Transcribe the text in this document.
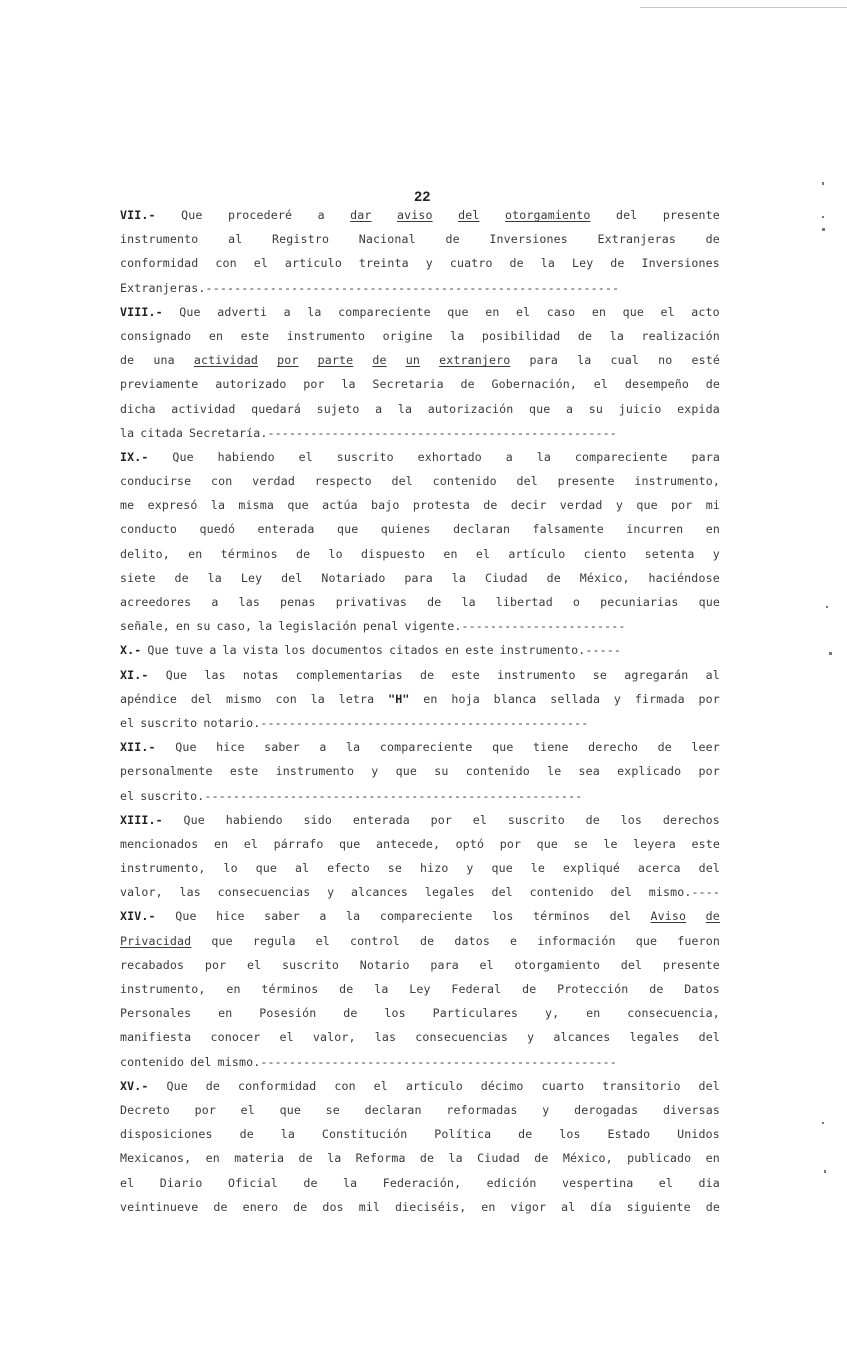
22
VII.- Que procederé a dar aviso del otorgamiento del presente
instrumento	al	Registro	Nacional	de	Inversiones	Extranjeras	de
conformidad con el articulo treinta y cuatro de la Ley de Inversiones
Extranjeras.----------------------------------------------------------
VIII.- Que adverti a la compareciente que en el caso en que el acto
consignado en este instrumento origine la posibilidad de la realización
de una actividad por parte de un extranjero para la cual no esté
previamente autorizado por la Secretaria de Gobernación, el desempeño de
dicha actividad quedará sujeto a la autorización que a su juicio expida
la citada Secretaría.-------------------------------------------------
IX.- Que habiendo el suscrito exhortado a la compareciente para
conducirse con verdad respecto del contenido del presente instrumento,
me expresó la misma que actúa bajo protesta de decir verdad y que por mi
conducto quedó enterada que quienes declaran falsamente incurren en
delito, en términos de lo dispuesto en el artículo ciento setenta y
siete de la Ley del Notariado para la Ciudad de México, haciéndose
acreedores a las penas privativas de la libertad o pecuniarias que
señale, en su caso, la legislación penal vigente.-----------------------
X.- Que tuve a la vista los documentos citados en este instrumento.-----
XI.- Que las notas complementarias de este instrumento se agregarán al
apéndice del mismo con la letra "H" en hoja blanca sellada y firmada por
el suscrito notario.----------------------------------------------
XII.- Que hice saber a la compareciente que tiene derecho de leer
personalmente este instrumento y que su contenido le sea explicado por
el suscrito.-----------------------------------------------------
XIII.- Que habiendo sido enterada por el suscrito de los derechos
mencionados en el párrafo que antecede, optó por que se le leyera este
instrumento, lo que al efecto se hizo y que le expliqué acerca del
valor, las consecuencias y alcances legales del contenido del mismo.----
XIV.- Que hice saber a la compareciente los términos del Aviso de
Privacidad que regula el control de datos e información que fueron
recabados por el suscrito Notario para el otorgamiento del presente
instrumento, en términos de la Ley Federal de Protección de Datos
Personales en Posesión de los Particulares y, en consecuencia,
manifiesta conocer el valor, las consecuencias y alcances legales del
contenido del mismo.--------------------------------------------------
XV.- Que de conformidad con el articulo décimo cuarto transitorio del
Decreto por el que se declaran reformadas y derogadas diversas
disposiciones de la Constitución Política de los Estado Unidos
Mexicanos, en materia de la Reforma de la Ciudad de México, publicado en
el Diario Oficial de la Federación, edición vespertina el dia
veintinueve de enero de dos mil dieciséis, en vigor al día siguiente de
